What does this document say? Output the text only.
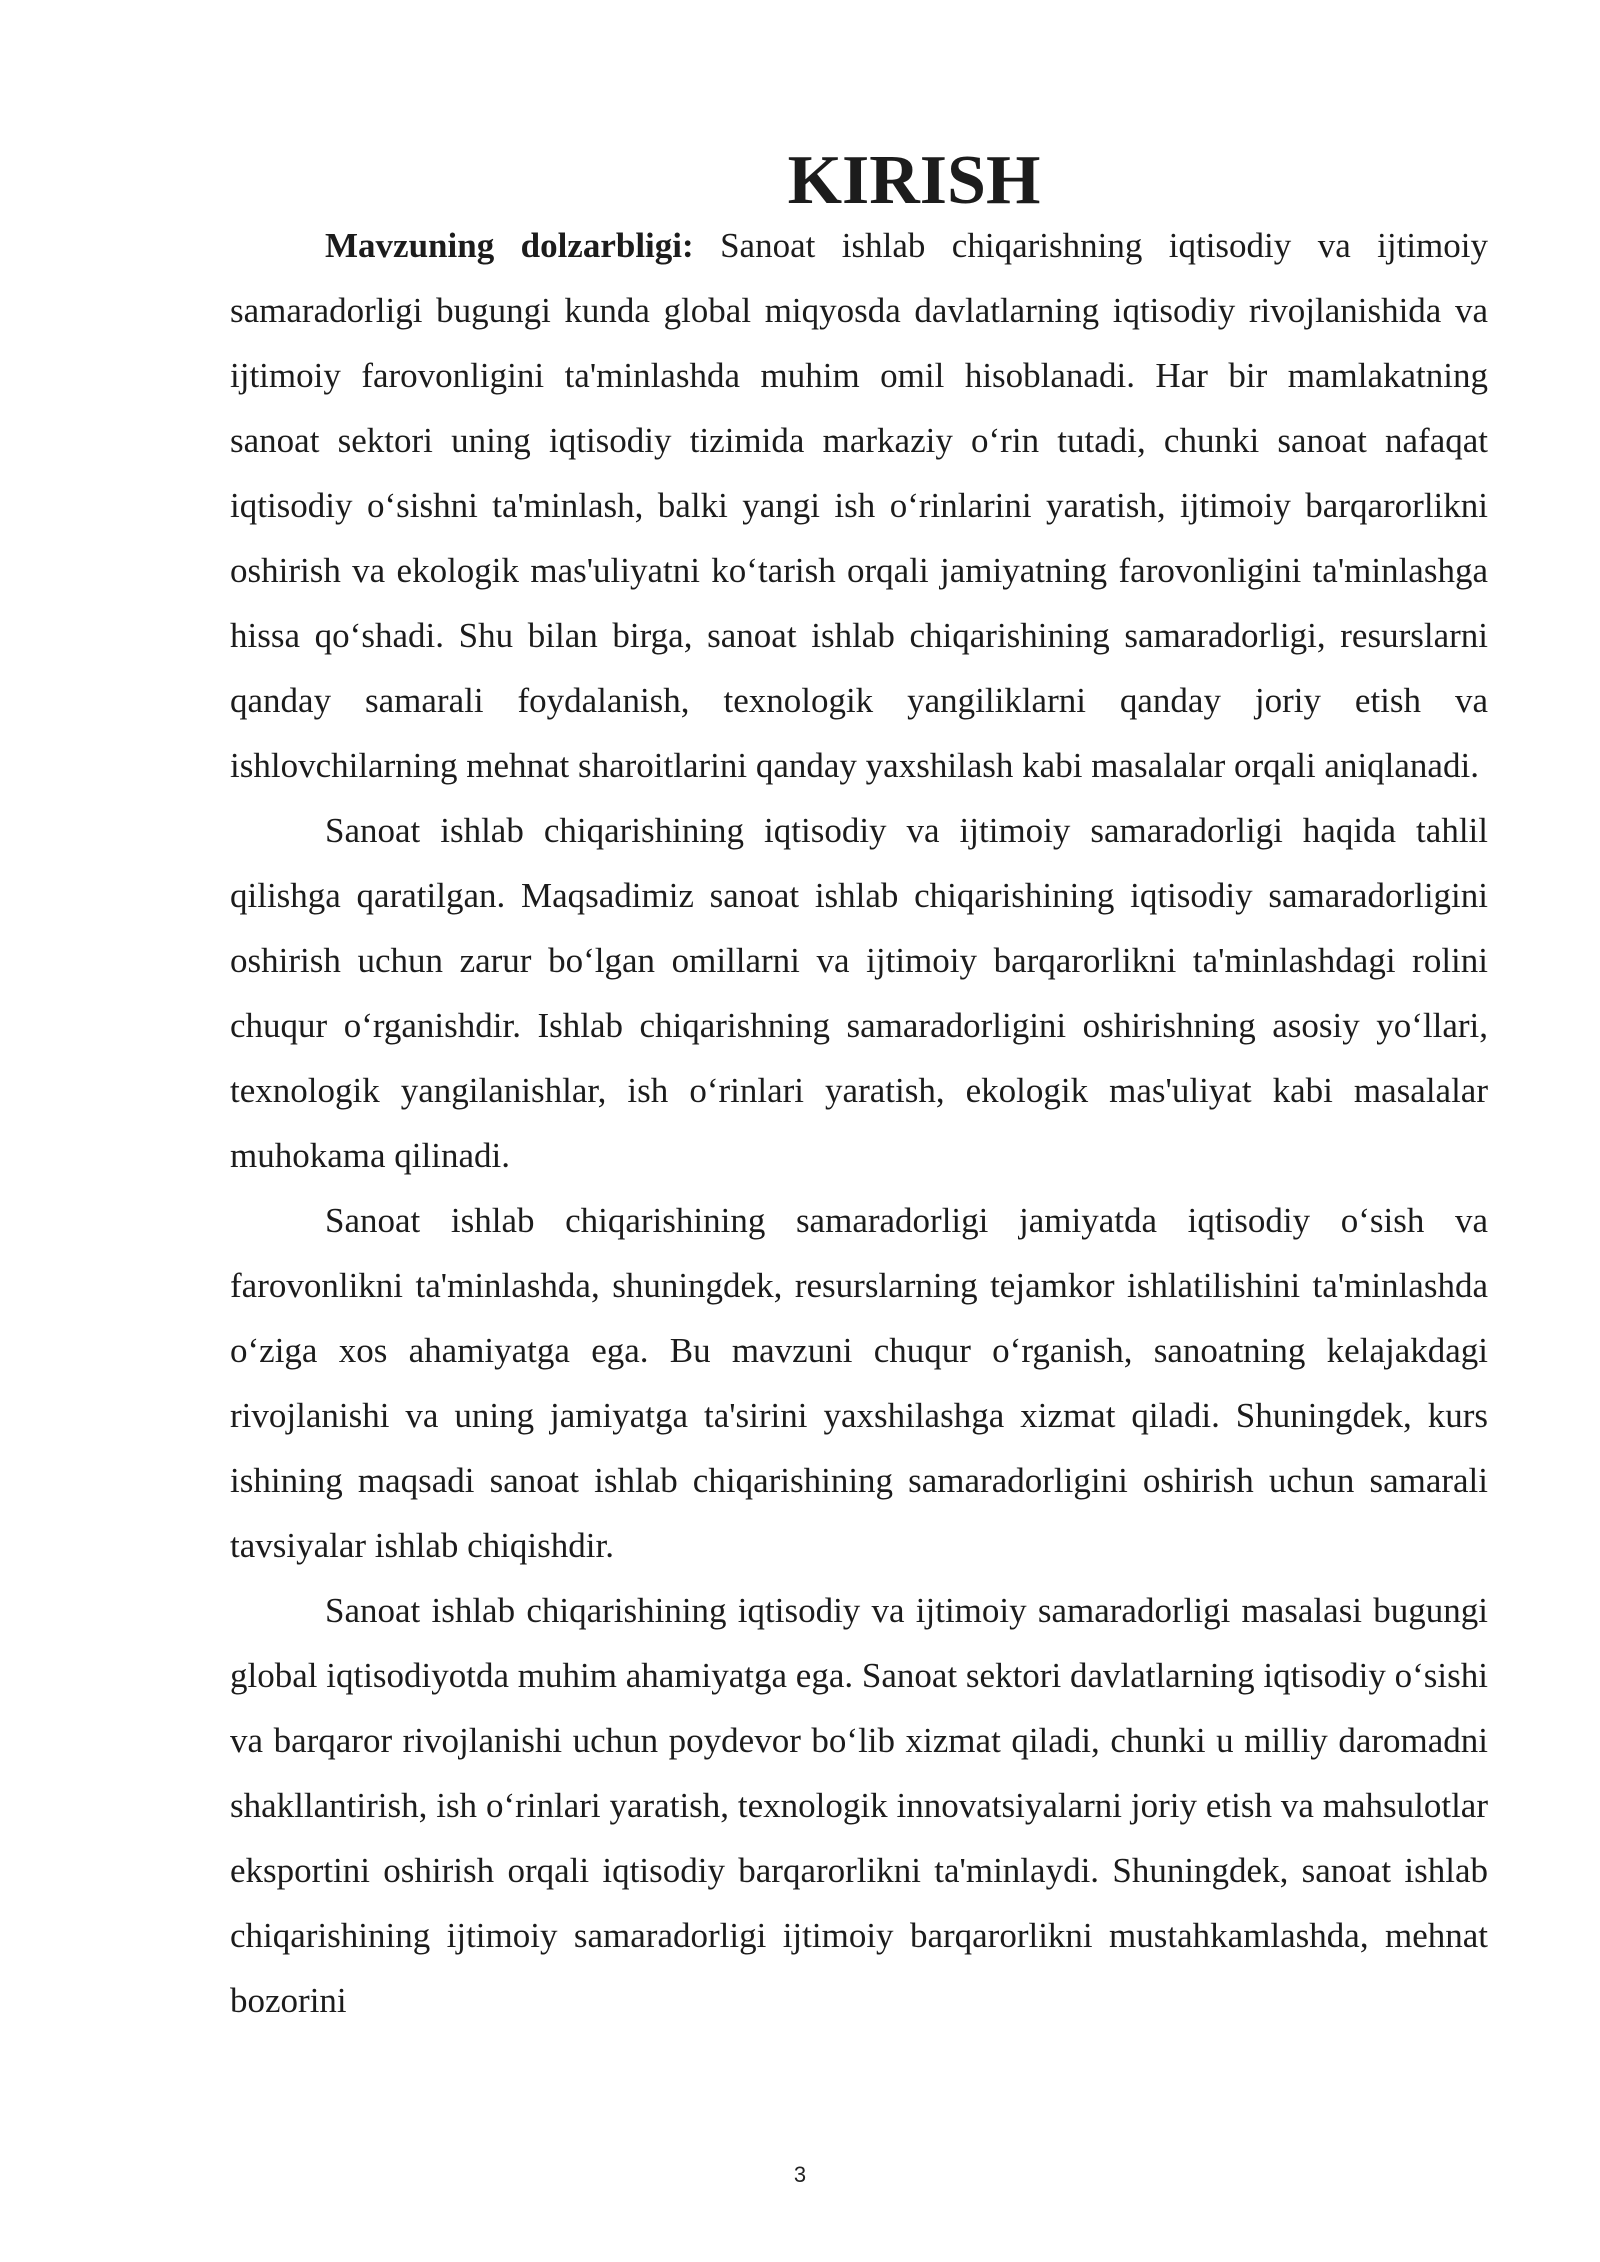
KIRISH

Mavzuning dolzarbligi: Sanoat ishlab chiqarishning iqtisodiy va ijtimoiy samaradorligi bugungi kunda global miqyosda davlatlarning iqtisodiy rivojlanishida va ijtimoiy farovonligini ta'minlashda muhim omil hisoblanadi. Har bir mamlakatning sanoat sektori uning iqtisodiy tizimida markaziy o‘rin tutadi, chunki sanoat nafaqat iqtisodiy o‘sishni ta'minlash, balki yangi ish o‘rinlarini yaratish, ijtimoiy barqarorlikni oshirish va ekologik mas'uliyatni ko‘tarish orqali jamiyatning farovonligini ta'minlashga hissa qo‘shadi. Shu bilan birga, sanoat ishlab chiqarishining samaradorligi, resurslarni qanday samarali foydalanish, texnologik yangiliklarni qanday joriy etish va ishlovchilarning mehnat sharoitlarini qanday yaxshilash kabi masalalar orqali aniqlanadi.

Sanoat ishlab chiqarishining iqtisodiy va ijtimoiy samaradorligi haqida tahlil qilishga qaratilgan. Maqsadimiz sanoat ishlab chiqarishining iqtisodiy samaradorligini oshirish uchun zarur bo‘lgan omillarni va ijtimoiy barqarorlikni ta'minlashdagi rolini chuqur o‘rganishdir. Ishlab chiqarishning samaradorligini oshirishning asosiy yo‘llari, texnologik yangilanishlar, ish o‘rinlari yaratish, ekologik mas'uliyat kabi masalalar muhokama qilinadi.

Sanoat ishlab chiqarishining samaradorligi jamiyatda iqtisodiy o‘sish va farovonlikni ta'minlashda, shuningdek, resurslarning tejamkor ishlatilishini ta'minlashda o‘ziga xos ahamiyatga ega. Bu mavzuni chuqur o‘rganish, sanoatning kelajakdagi rivojlanishi va uning jamiyatga ta'sirini yaxshilashga xizmat qiladi. Shuningdek, kurs ishining maqsadi sanoat ishlab chiqarishining samaradorligini oshirish uchun samarali tavsiyalar ishlab chiqishdir.

Sanoat ishlab chiqarishining iqtisodiy va ijtimoiy samaradorligi masalasi bugungi global iqtisodiyotda muhim ahamiyatga ega. Sanoat sektori davlatlarning iqtisodiy o‘sishi va barqaror rivojlanishi uchun poydevor bo‘lib xizmat qiladi, chunki u milliy daromadni shakllantirish, ish o‘rinlari yaratish, texnologik innovatsiyalarni joriy etish va mahsulotlar eksportini oshirish orqali iqtisodiy barqarorlikni ta'minlaydi. Shuningdek, sanoat ishlab chiqarishining ijtimoiy samaradorligi ijtimoiy barqarorlikni mustahkamlashda, mehnat bozorini

3
